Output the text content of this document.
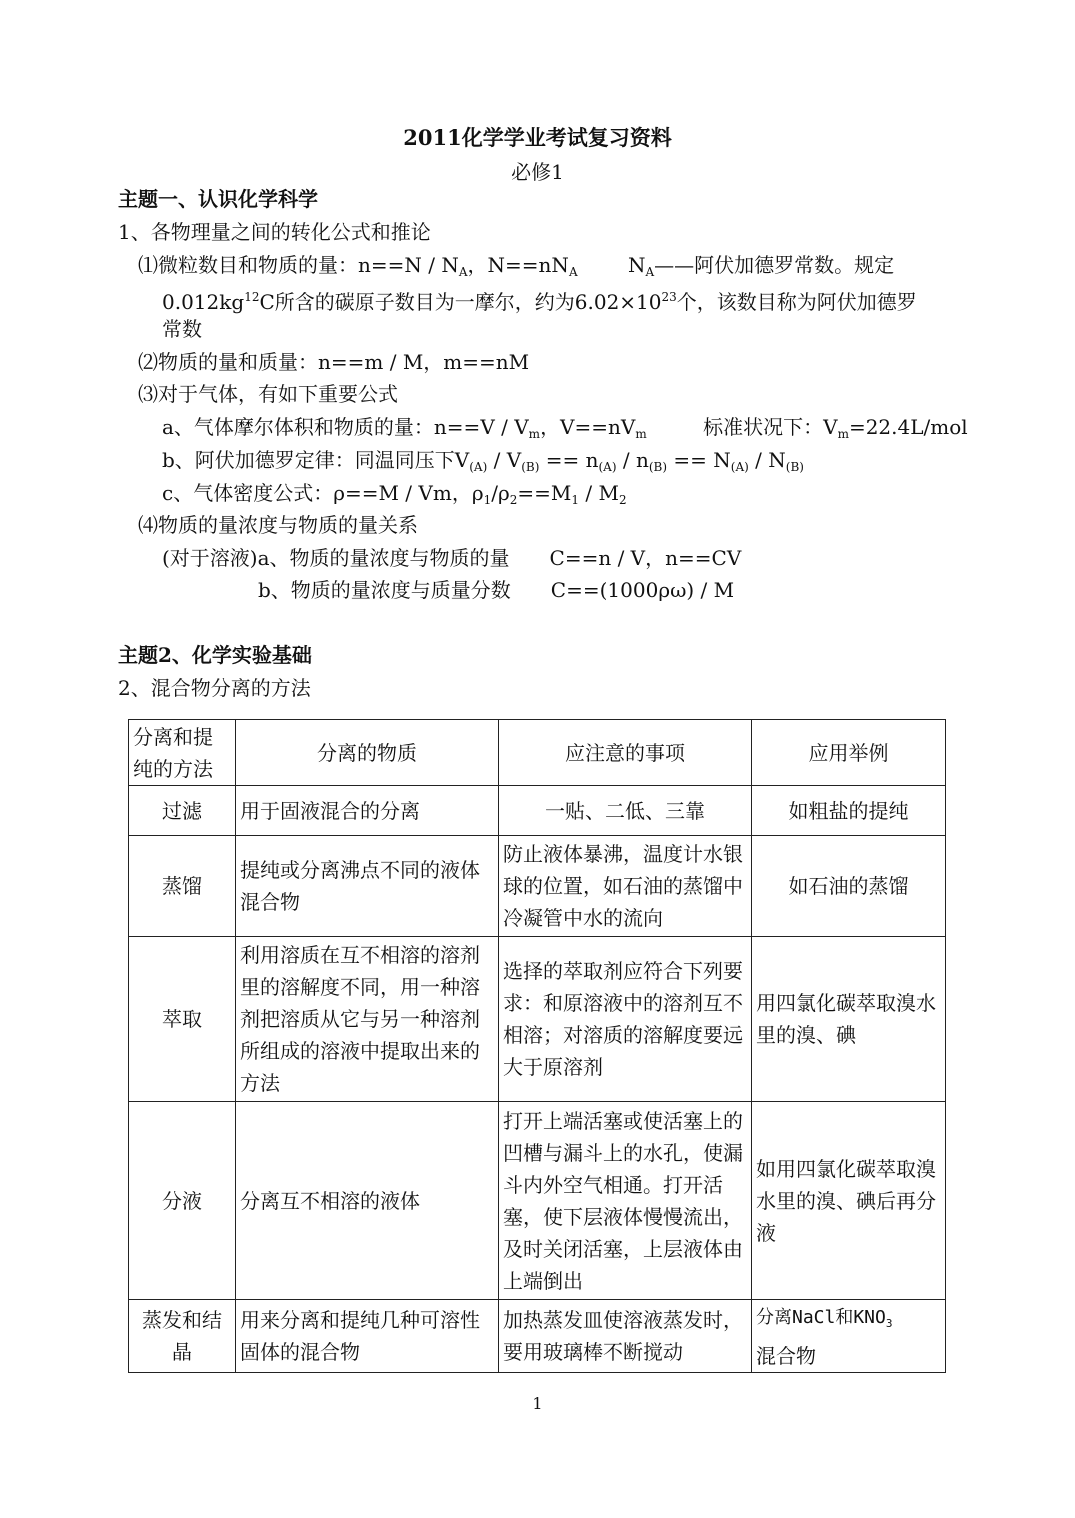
2011化学学业考试复习资料
必修1
主题一、认识化学科学
1、各物理量之间的转化公式和推论
⑴微粒数目和物质的量：$n==N / N_A$，$N==nN_A$	$N_A——$阿伏加德罗常数。规定
$0.012kg^{12}C$所含的碳原子数目为一摩尔，约为$6.02\times 10^{23}$个，该数目称为阿伏加德罗
常数
⑵物质的量和质量：n==m / M，m==nM
⑶对于气体，有如下重要公式
a、气体摩尔体积和物质的量：$n==V / V_m$，$V==nV_m$	标准状况下：$V_m=22.4L$/mol
b、阿伏加德罗定律：同温同压下$V_{(A)} / V_{(B)} == n_{(A)} / n_{(B)} == N_{(A)} / N_{(B)}$
c、气体密度公式：ρ==M / Vm，$\rho_1/\rho_2==M_1 / M_2$
⑷物质的量浓度与物质的量关系
(对于溶液)a、物质的量浓度与物质的量　　C==n / V，n==CV
b、物质的量浓度与质量分数　　C==(1000ρω) / M
主题2、化学实验基础
2、混合物分离的方法
分离和提纯的方法	分离的物质	应注意的事项	应用举例
过滤	用于固液混合的分离	一贴、二低、三靠	如粗盐的提纯
蒸馏	提纯或分离沸点不同的液体混合物	防止液体暴沸，温度计水银球的位置，如石油的蒸馏中冷凝管中水的流向	如石油的蒸馏
萃取	利用溶质在互不相溶的溶剂里的溶解度不同，用一种溶剂把溶质从它与另一种溶剂所组成的溶液中提取出来的方法	选择的萃取剂应符合下列要求：和原溶液中的溶剂互不相溶；对溶质的溶解度要远大于原溶剂	用四氯化碳萃取溴水里的溴、碘
分液	分离互不相溶的液体	打开上端活塞或使活塞上的凹槽与漏斗上的水孔，使漏斗内外空气相通。打开活塞，使下层液体慢慢流出，及时关闭活塞，上层液体由上端倒出	如用四氯化碳萃取溴水里的溴、碘后再分液
蒸发和结晶	用来分离和提纯几种可溶性固体的混合物	加热蒸发皿使溶液蒸发时，要用玻璃棒不断搅动	分离NaCl和$KNO_3$
混合物
1
